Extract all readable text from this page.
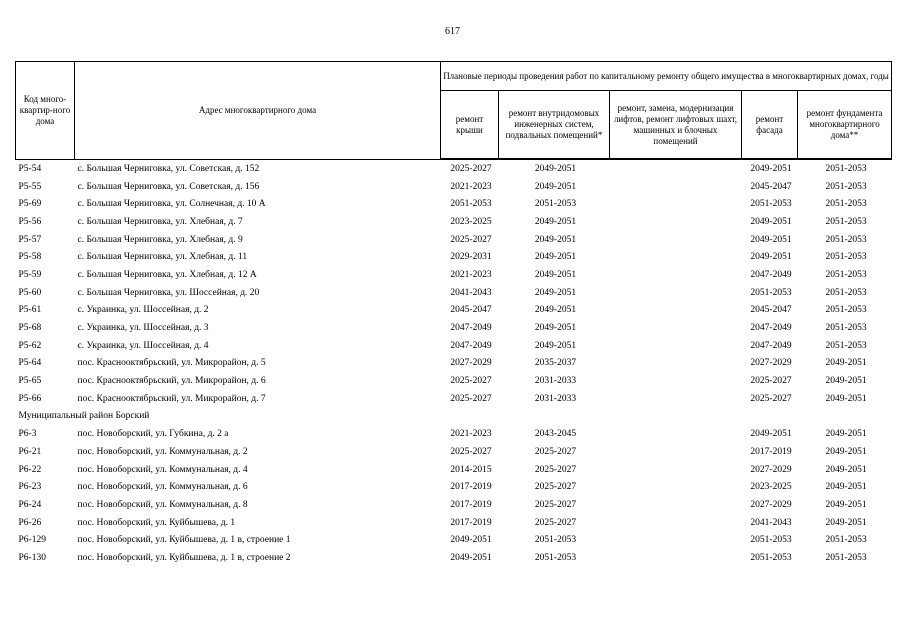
617
Код много-квартир-ного дома	Адрес многоквартирного дома	Плановые периоды проведения работ по капитальному ремонту общего имущества в многоквартирных домах, годы				
		ремонт крыши	ремонт внутридомовых инженерных систем, подвальных помещений*	ремонт, замена, модернизация лифтов, ремонт лифтовых шахт, машинных и блочных помещений	ремонт фасада	ремонт фундамента многоквартирного дома**
Р5-54	с. Большая Черниговка, ул. Советская, д. 152	2025-2027	2049-2051		2049-2051	2051-2053
Р5-55	с. Большая Черниговка, ул. Советская, д. 156	2021-2023	2049-2051		2045-2047	2051-2053
Р5-69	с. Большая Черниговка, ул. Солнечная, д. 10 А	2051-2053	2051-2053		2051-2053	2051-2053
Р5-56	с. Большая Черниговка, ул. Хлебная, д. 7	2023-2025	2049-2051		2049-2051	2051-2053
Р5-57	с. Большая Черниговка, ул. Хлебная, д. 9	2025-2027	2049-2051		2049-2051	2051-2053
Р5-58	с. Большая Черниговка, ул. Хлебная, д. 11	2029-2031	2049-2051		2049-2051	2051-2053
Р5-59	с. Большая Черниговка, ул. Хлебная, д. 12 А	2021-2023	2049-2051		2047-2049	2051-2053
Р5-60	с. Большая Черниговка, ул. Шоссейная, д. 20	2041-2043	2049-2051		2051-2053	2051-2053
Р5-61	с. Украинка, ул. Шоссейная, д. 2	2045-2047	2049-2051		2045-2047	2051-2053
Р5-68	с. Украинка, ул. Шоссейная, д. 3	2047-2049	2049-2051		2047-2049	2051-2053
Р5-62	с. Украинка, ул. Шоссейная, д. 4	2047-2049	2049-2051		2047-2049	2051-2053
Р5-64	пос. Краснооктябрьский, ул. Микрорайон, д. 5	2027-2029	2035-2037		2027-2029	2049-2051
Р5-65	пос. Краснооктябрьский, ул. Микрорайон, д. 6	2025-2027	2031-2033		2025-2027	2049-2051
Р5-66	пос. Краснооктябрьский, ул. Микрорайон, д. 7	2025-2027	2031-2033		2025-2027	2049-2051
Муниципальный район Борский						
Р6-3	пос. Новоборский, ул. Губкина, д. 2 а	2021-2023	2043-2045		2049-2051	2049-2051
Р6-21	пос. Новоборский, ул. Коммунальная, д. 2	2025-2027	2025-2027		2017-2019	2049-2051
Р6-22	пос. Новоборский, ул. Коммунальная, д. 4	2014-2015	2025-2027		2027-2029	2049-2051
Р6-23	пос. Новоборский, ул. Коммунальная, д. 6	2017-2019	2025-2027		2023-2025	2049-2051
Р6-24	пос. Новоборский, ул. Коммунальная, д. 8	2017-2019	2025-2027		2027-2029	2049-2051
Р6-26	пос. Новоборский, ул. Куйбышева, д. 1	2017-2019	2025-2027		2041-2043	2049-2051
Р6-129	пос. Новоборский, ул. Куйбышева, д. 1 в, строение 1	2049-2051	2051-2053		2051-2053	2051-2053
Р6-130	пос. Новоборский, ул. Куйбышева, д. 1 в, строение 2	2049-2051	2051-2053		2051-2053	2051-2053
